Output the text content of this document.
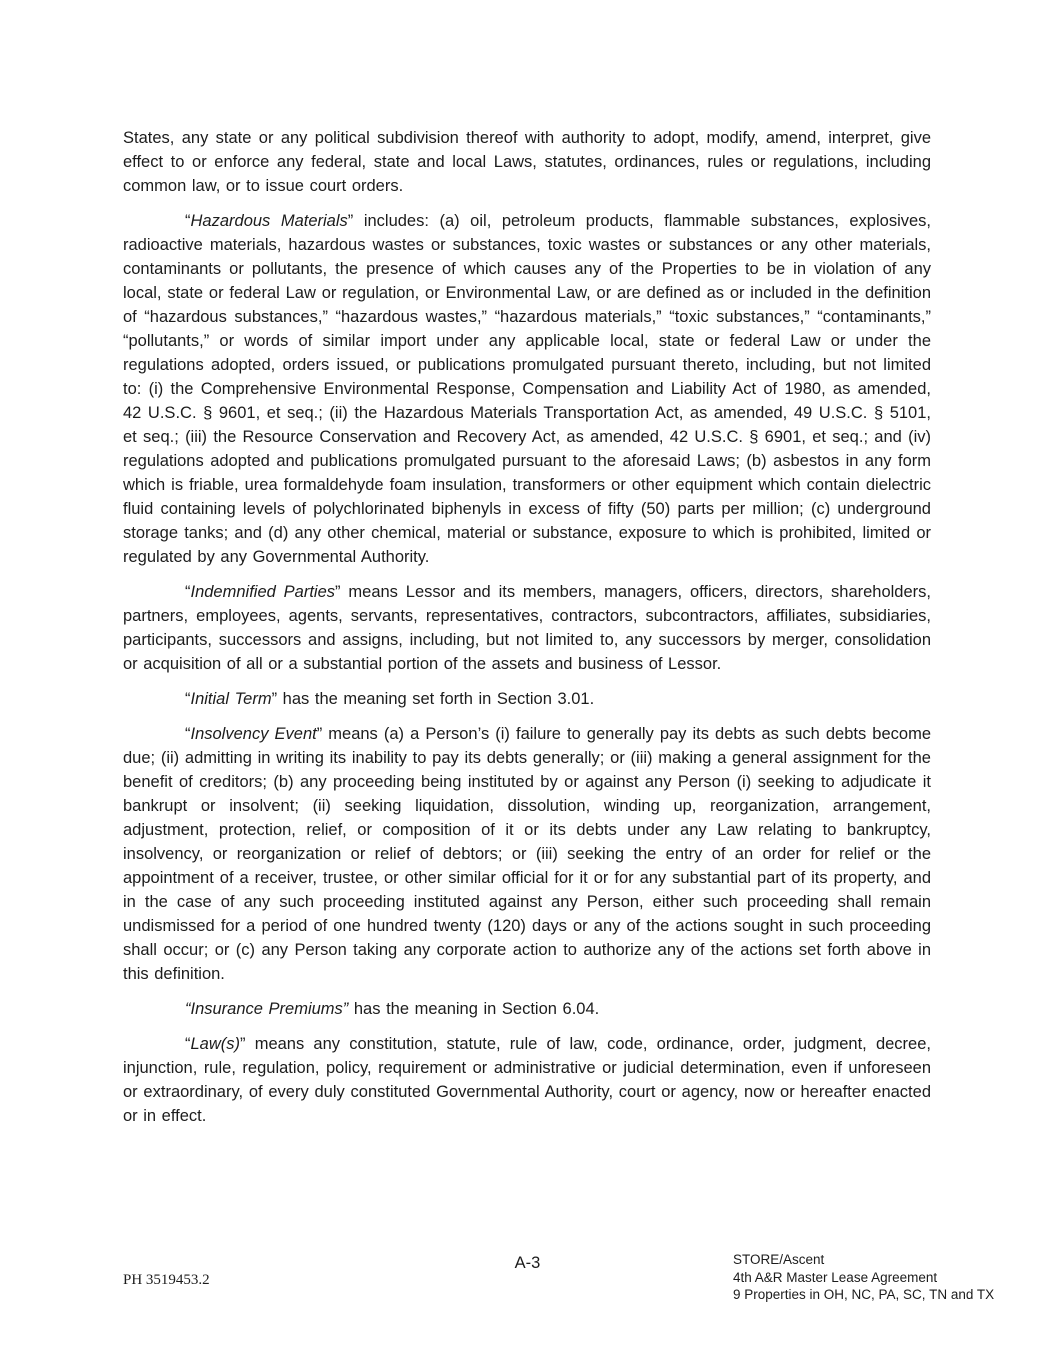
States, any state or any political subdivision thereof with authority to adopt, modify, amend, interpret, give effect to or enforce any federal, state and local Laws, statutes, ordinances, rules or regulations, including common law, or to issue court orders.

“Hazardous Materials” includes: (a) oil, petroleum products, flammable substances, explosives, radioactive materials, hazardous wastes or substances, toxic wastes or substances or any other materials, contaminants or pollutants, the presence of which causes any of the Properties to be in violation of any local, state or federal Law or regulation, or Environmental Law, or are defined as or included in the definition of “hazardous substances,” “hazardous wastes,” “hazardous materials,” “toxic substances,” “contaminants,” “pollutants,” or words of similar import under any applicable local, state or federal Law or under the regulations adopted, orders issued, or publications promulgated pursuant thereto, including, but not limited to: (i) the Comprehensive Environmental Response, Compensation and Liability Act of 1980, as amended, 42 U.S.C. § 9601, et seq.; (ii) the Hazardous Materials Transportation Act, as amended, 49 U.S.C. § 5101, et seq.; (iii) the Resource Conservation and Recovery Act, as amended, 42 U.S.C. § 6901, et seq.; and (iv) regulations adopted and publications promulgated pursuant to the aforesaid Laws; (b) asbestos in any form which is friable, urea formaldehyde foam insulation, transformers or other equipment which contain dielectric fluid containing levels of polychlorinated biphenyls in excess of fifty (50) parts per million; (c) underground storage tanks; and (d) any other chemical, material or substance, exposure to which is prohibited, limited or regulated by any Governmental Authority.

“Indemnified Parties” means Lessor and its members, managers, officers, directors, shareholders, partners, employees, agents, servants, representatives, contractors, subcontractors, affiliates, subsidiaries, participants, successors and assigns, including, but not limited to, any successors by merger, consolidation or acquisition of all or a substantial portion of the assets and business of Lessor.

“Initial Term” has the meaning set forth in Section 3.01.

“Insolvency Event” means (a) a Person’s (i) failure to generally pay its debts as such debts become due; (ii) admitting in writing its inability to pay its debts generally; or (iii) making a general assignment for the benefit of creditors; (b) any proceeding being instituted by or against any Person (i) seeking to adjudicate it bankrupt or insolvent; (ii) seeking liquidation, dissolution, winding up, reorganization, arrangement, adjustment, protection, relief, or composition of it or its debts under any Law relating to bankruptcy, insolvency, or reorganization or relief of debtors; or (iii) seeking the entry of an order for relief or the appointment of a receiver, trustee, or other similar official for it or for any substantial part of its property, and in the case of any such proceeding instituted against any Person, either such proceeding shall remain undismissed for a period of one hundred twenty (120) days or any of the actions sought in such proceeding shall occur; or (c) any Person taking any corporate action to authorize any of the actions set forth above in this definition.

“Insurance Premiums” has the meaning in Section 6.04.

“Law(s)” means any constitution, statute, rule of law, code, ordinance, order, judgment, decree, injunction, rule, regulation, policy, requirement or administrative or judicial determination, even if unforeseen or extraordinary, of every duly constituted Governmental Authority, court or agency, now or hereafter enacted or in effect.

PH 3519453.2
A-3	STORE/Ascent
4th A&R Master Lease Agreement
9 Properties in OH, NC, PA, SC, TN and TX
